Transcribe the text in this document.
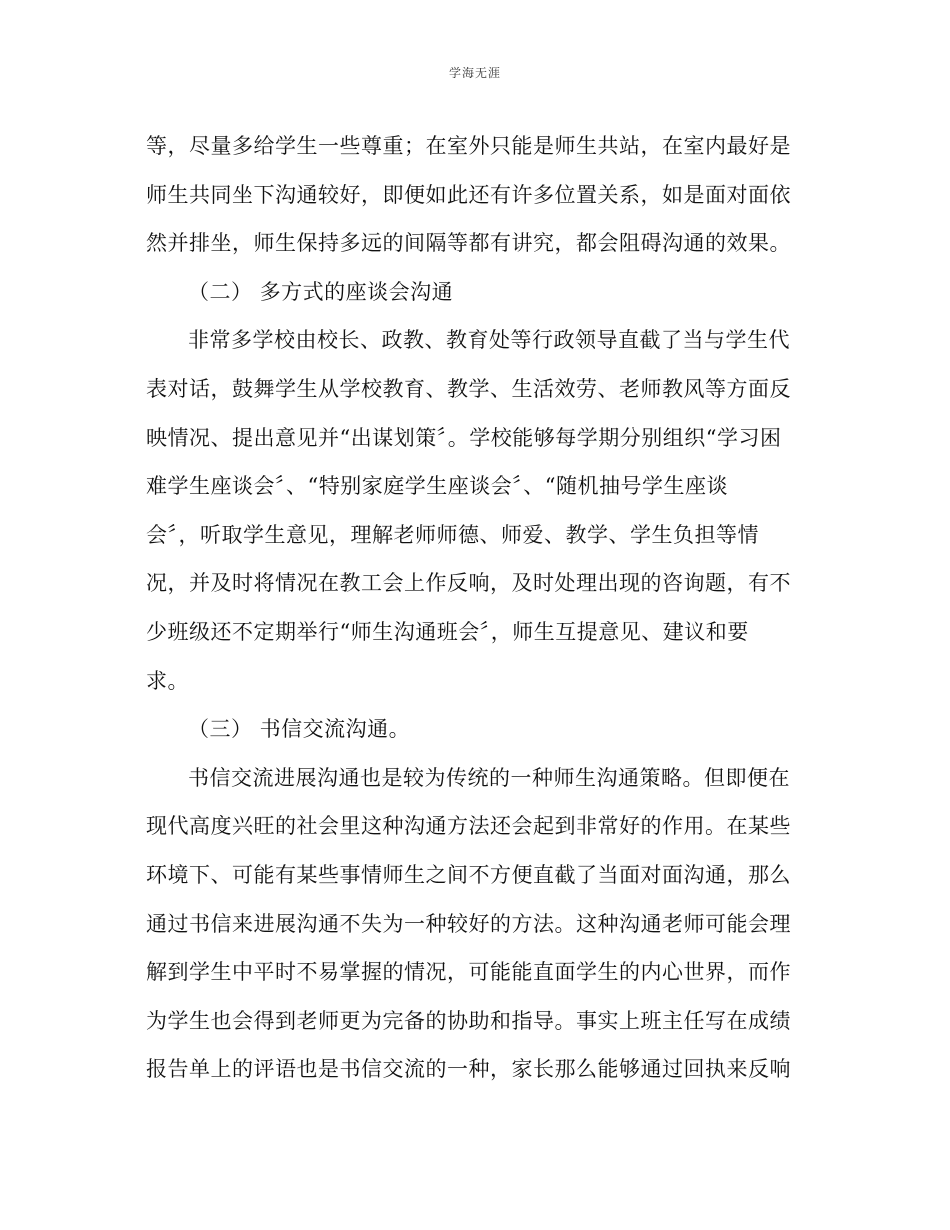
学海无涯
等，尽量多给学生一些尊重；在室外只能是师生共站，在室内最好是
师生共同坐下沟通较好，即便如此还有许多位置关系，如是面对面依
然并排坐，师生保持多远的间隔等都有讲究，都会阻碍沟通的效果。
（二） 多方式的座谈会沟通
非常多学校由校长、政教、教育处等行政领导直截了当与学生代
表对话，鼓舞学生从学校教育、教学、生活效劳、老师教风等方面反
映情况、提出意见并“出谋划策〞。学校能够每学期分别组织“学习困
难学生座谈会〞、“特别家庭学生座谈会〞、“随机抽号学生座谈
会〞，听取学生意见，理解老师师德、师爱、教学、学生负担等情
况，并及时将情况在教工会上作反响，及时处理出现的咨询题，有不
少班级还不定期举行“师生沟通班会〞，师生互提意见、建议和要
求。
（三） 书信交流沟通。
书信交流进展沟通也是较为传统的一种师生沟通策略。但即便在
现代高度兴旺的社会里这种沟通方法还会起到非常好的作用。在某些
环境下、可能有某些事情师生之间不方便直截了当面对面沟通，那么
通过书信来进展沟通不失为一种较好的方法。这种沟通老师可能会理
解到学生中平时不易掌握的情况，可能能直面学生的内心世界，而作
为学生也会得到老师更为完备的协助和指导。事实上班主任写在成绩
报告单上的评语也是书信交流的一种，家长那么能够通过回执来反响
